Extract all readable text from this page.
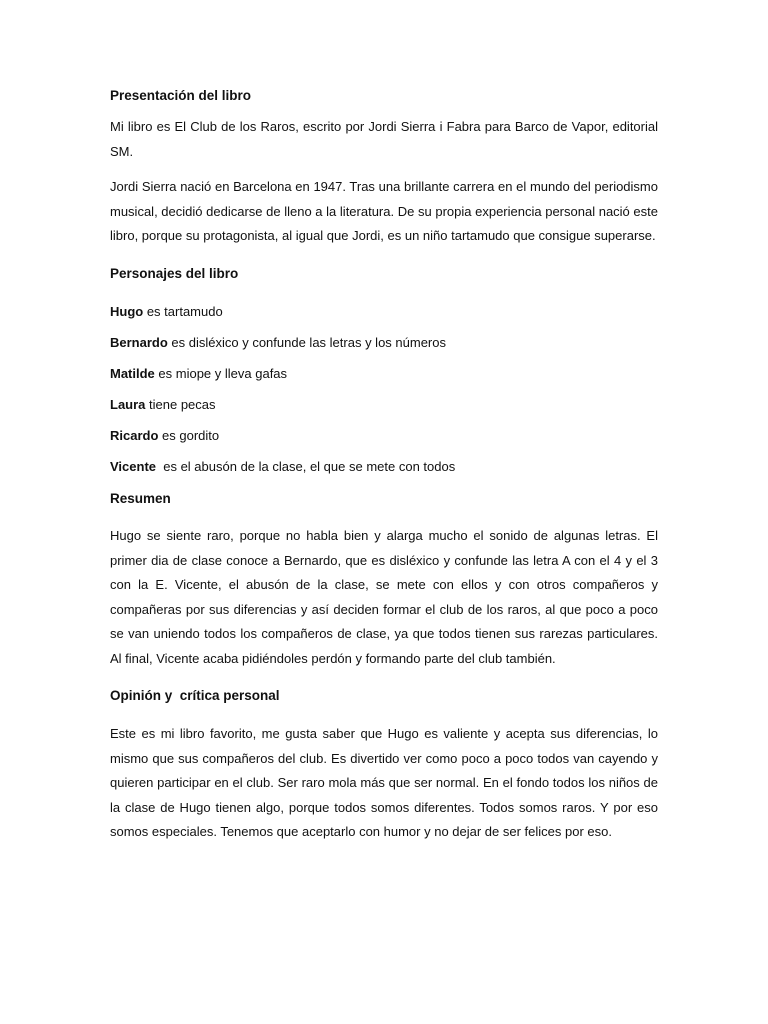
Presentación del libro
Mi libro es El Club de los Raros, escrito por Jordi Sierra i Fabra para Barco de Vapor, editorial SM.
Jordi Sierra nació en Barcelona en 1947. Tras una brillante carrera en el mundo del periodismo musical, decidió dedicarse de lleno a la literatura. De su propia experiencia personal nació este libro, porque su protagonista, al igual que Jordi, es un niño tartamudo que consigue superarse.
Personajes del libro
Hugo es tartamudo
Bernardo es disléxico y confunde las letras y los números
Matilde es miope y lleva gafas
Laura tiene pecas
Ricardo es gordito
Vicente  es el abusón de la clase, el que se mete con todos
Resumen
Hugo se siente raro, porque no habla bien y alarga mucho el sonido de algunas letras. El primer dia de clase conoce a Bernardo, que es disléxico y confunde las letra A con el 4 y el 3 con la E. Vicente, el abusón de la clase, se mete con ellos y con otros compañeros y compañeras por sus diferencias y así deciden formar el club de los raros, al que poco a poco se van uniendo todos los compañeros de clase, ya que todos tienen sus rarezas particulares. Al final, Vicente acaba pidiéndoles perdón y formando parte del club también.
Opinión y  crítica personal
Este es mi libro favorito, me gusta saber que Hugo es valiente y acepta sus diferencias, lo mismo que sus compañeros del club. Es divertido ver como poco a poco todos van cayendo y quieren participar en el club. Ser raro mola más que ser normal. En el fondo todos los niños de la clase de Hugo tienen algo, porque todos somos diferentes. Todos somos raros. Y por eso somos especiales. Tenemos que aceptarlo con humor y no dejar de ser felices por eso.
